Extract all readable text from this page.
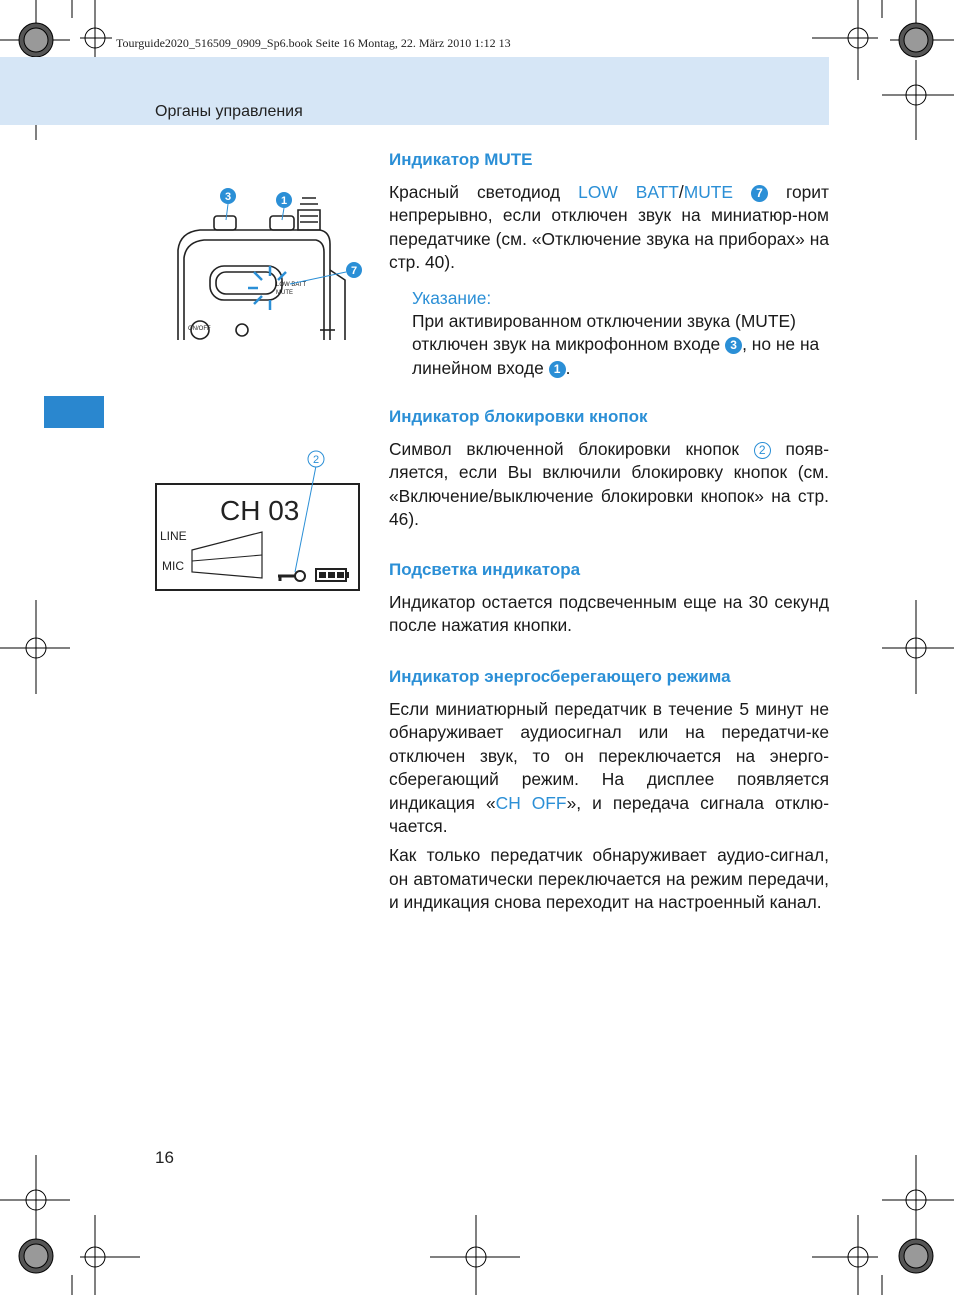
Tourguide2020_516509_0909_Sp6.book Seite 16 Montag, 22. März 2010 1:12 13
Органы управления
LOW BATT
MUTE
ON/OFF
3	1
7
CH 03
LINE
MIC
2
Индикатор MUTE

Красный светодиод LOW BATT/MUTE 7 горит непрерывно, если отключен звук на миниатюр-ном передатчике (см. «Отключение звука на приборах» на стр. 40).

Указание:

При активированном отключении звука (MUTE) отключен звук на микрофонном входе 3 , но не на линейном входе 1 .

Индикатор блокировки кнопок

Символ включенной блокировки кнопок 2 появ-ляется, если Вы включили блокировку кнопок (см. «Включение/выключение блокировки кнопок» на стр. 46).

Подсветка индикатора

Индикатор остается подсвеченным еще на 30 секунд после нажатия кнопки.

Индикатор энергосберегающего режима

Если миниатюрный передатчик в течение 5 минут не обнаруживает аудиосигнал или на передатчи-ке отключен звук, то он переключается на энерго-сберегающий режим. На дисплее появляется индикация «CH OFF», и передача сигнала отклю-чается.

Как только передатчик обнаруживает аудио-сигнал, он автоматически переключается на режим передачи, и индикация снова переходит на настроенный канал.

16
